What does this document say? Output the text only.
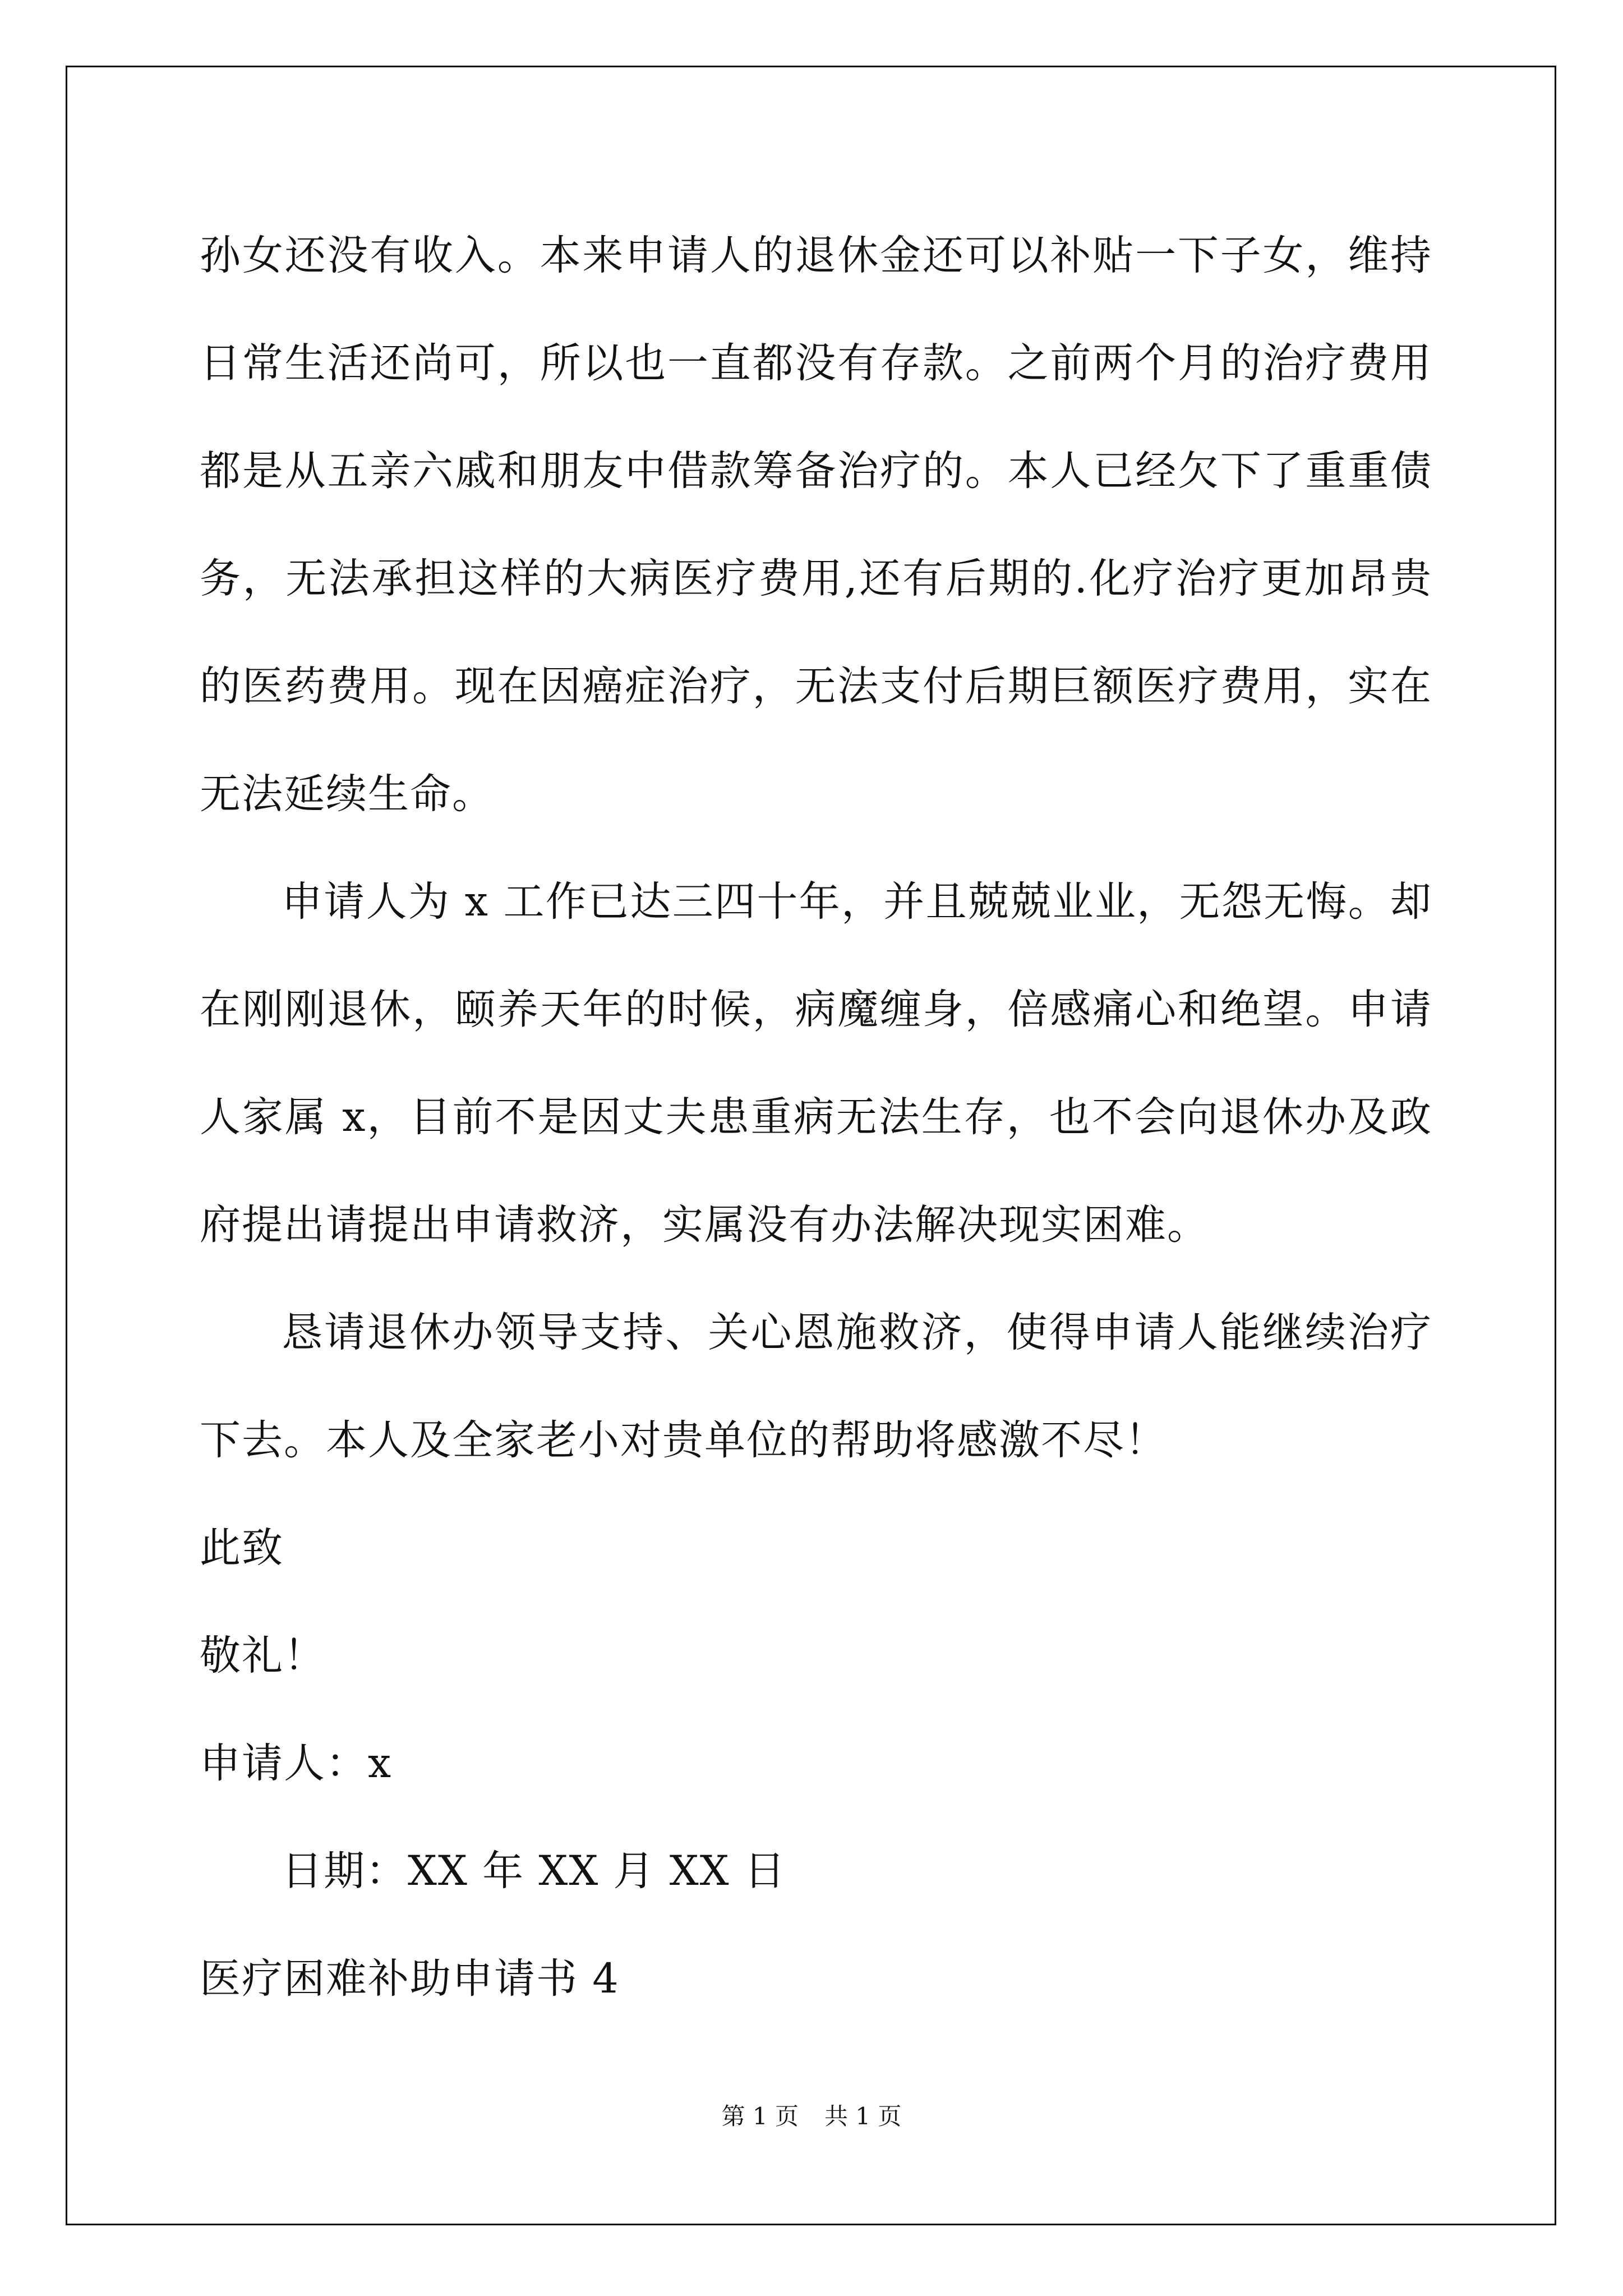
孙女还没有收入。本来申请人的退休金还可以补贴一下子女，维持日常生活还尚可，所以也一直都没有存款。之前两个月的治疗费用都是从五亲六戚和朋友中借款筹备治疗的。本人已经欠下了重重债务，无法承担这样的大病医疗费用,还有后期的.化疗治疗更加昂贵的医药费用。现在因癌症治疗，无法支付后期巨额医疗费用，实在无法延续生命。

申请人为 x 工作已达三四十年，并且兢兢业业，无怨无悔。却在刚刚退休，颐养天年的时候，病魔缠身，倍感痛心和绝望。申请人家属 x，目前不是因丈夫患重病无法生存，也不会向退休办及政府提出请提出申请救济，实属没有办法解决现实困难。

恳请退休办领导支持、关心恩施救济，使得申请人能继续治疗下去。本人及全家老小对贵单位的帮助将感激不尽！

此致

敬礼！

申请人：x

日期：XX 年 XX 月 XX 日

医疗困难补助申请书 4

第 1 页 共 1 页
